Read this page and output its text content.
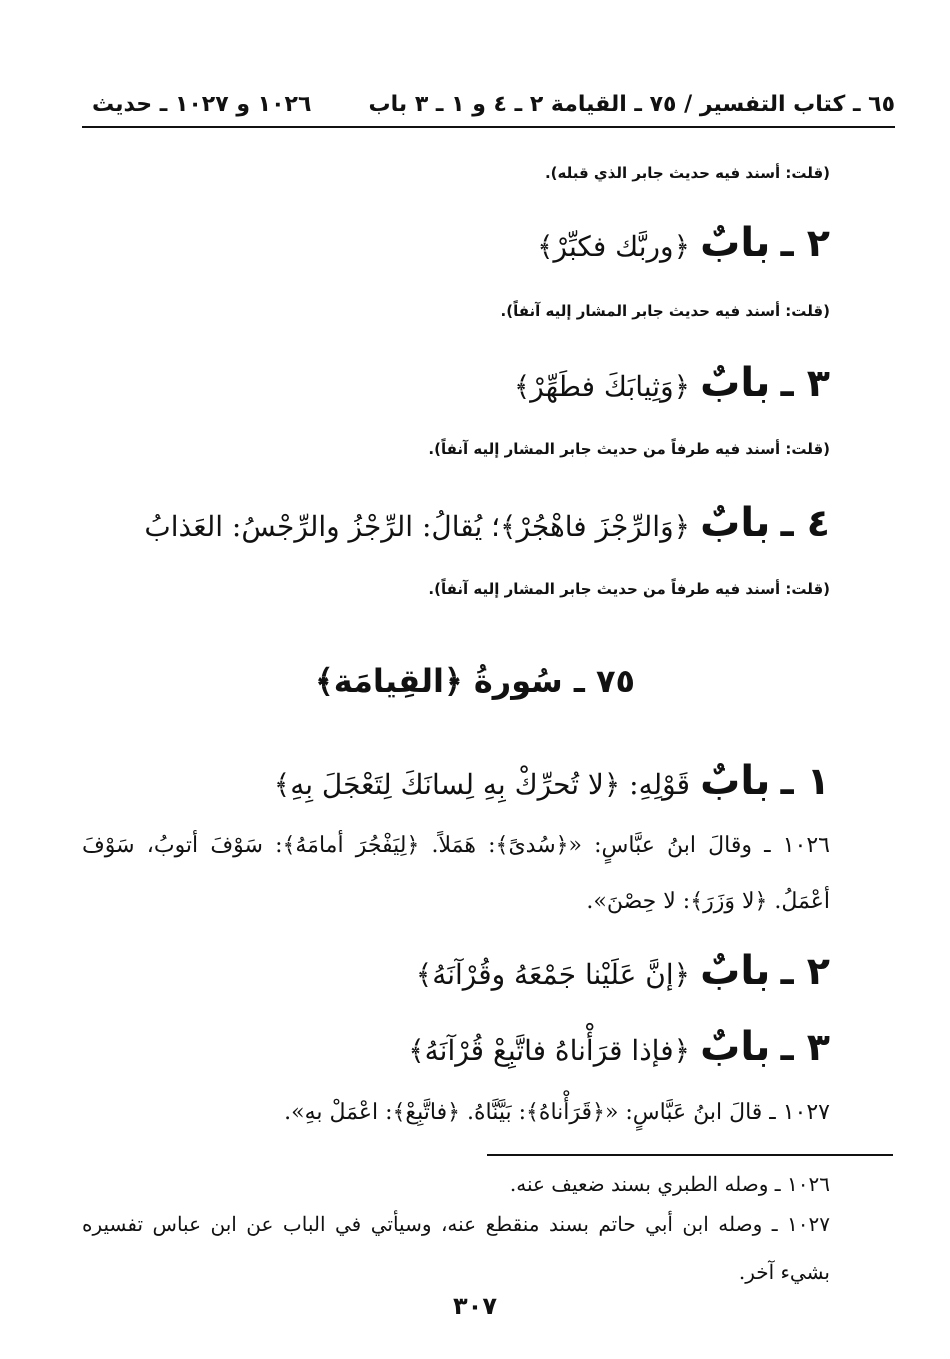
٦٥ ـ كتاب التفسير / ٧٥ ـ القيامة ٢ ـ ٤ و ١ ـ ٣ باب
١٠٢٦ و ١٠٢٧ ـ حديث
(قلت: أسند فيه حديث جابر الذي قبله).
٢ ـ بابٌ ﴿وربَّك فكبِّرْ﴾
(قلت: أسند فيه حديث جابر المشار إليه آنفاً).
٣ ـ بابٌ ﴿وَثِيابَكَ فطَهِّرْ﴾
(قلت: أسند فيه طرفاً من حديث جابر المشار إليه آنفاً).
٤ ـ بابٌ ﴿وَالرِّجْزَ فاهْجُرْ﴾؛ يُقالُ: الرِّجْزُ والرِّجْسُ: العَذابُ
(قلت: أسند فيه طرفاً من حديث جابر المشار إليه آنفاً).
٧٥ ـ سُورةُ ﴿القِيامَة﴾
١ ـ بابٌ قَوْلِهِ: ﴿لا تُحرِّكْ بِهِ لِسانَكَ لِتَعْجَلَ بِهِ﴾
١٠٢٦ ـ وقالَ ابنُ عبَّاسٍ: «﴿سُدىً﴾: هَمَلاً. ﴿لِيَفْجُرَ أمامَهُ﴾: سَوْفَ أتوبُ، سَوْفَ أعْمَلُ. ﴿لا وَزَرَ﴾: لا حِصْنَ».
٢ ـ بابٌ ﴿إنَّ عَلَيْنا جَمْعَهُ وقُرْآنَهُ﴾
٣ ـ بابٌ ﴿فإذا قرَأْناهُ فاتَّبِعْ قُرْآنَهُ﴾
١٠٢٧ ـ قالَ ابنُ عَبَّاسٍ: «﴿قَرَأْناهُ﴾: بَيَّنَّاهُ. ﴿فاتَّبِعْ﴾: اعْمَلْ بهِ».
١٠٢٦ ـ وصله الطبري بسند ضعيف عنه.
١٠٢٧ ـ وصله ابن أبي حاتم بسند منقطع عنه، وسيأتي في الباب عن ابن عباس تفسيره بشيء آخر.
٣٠٧
